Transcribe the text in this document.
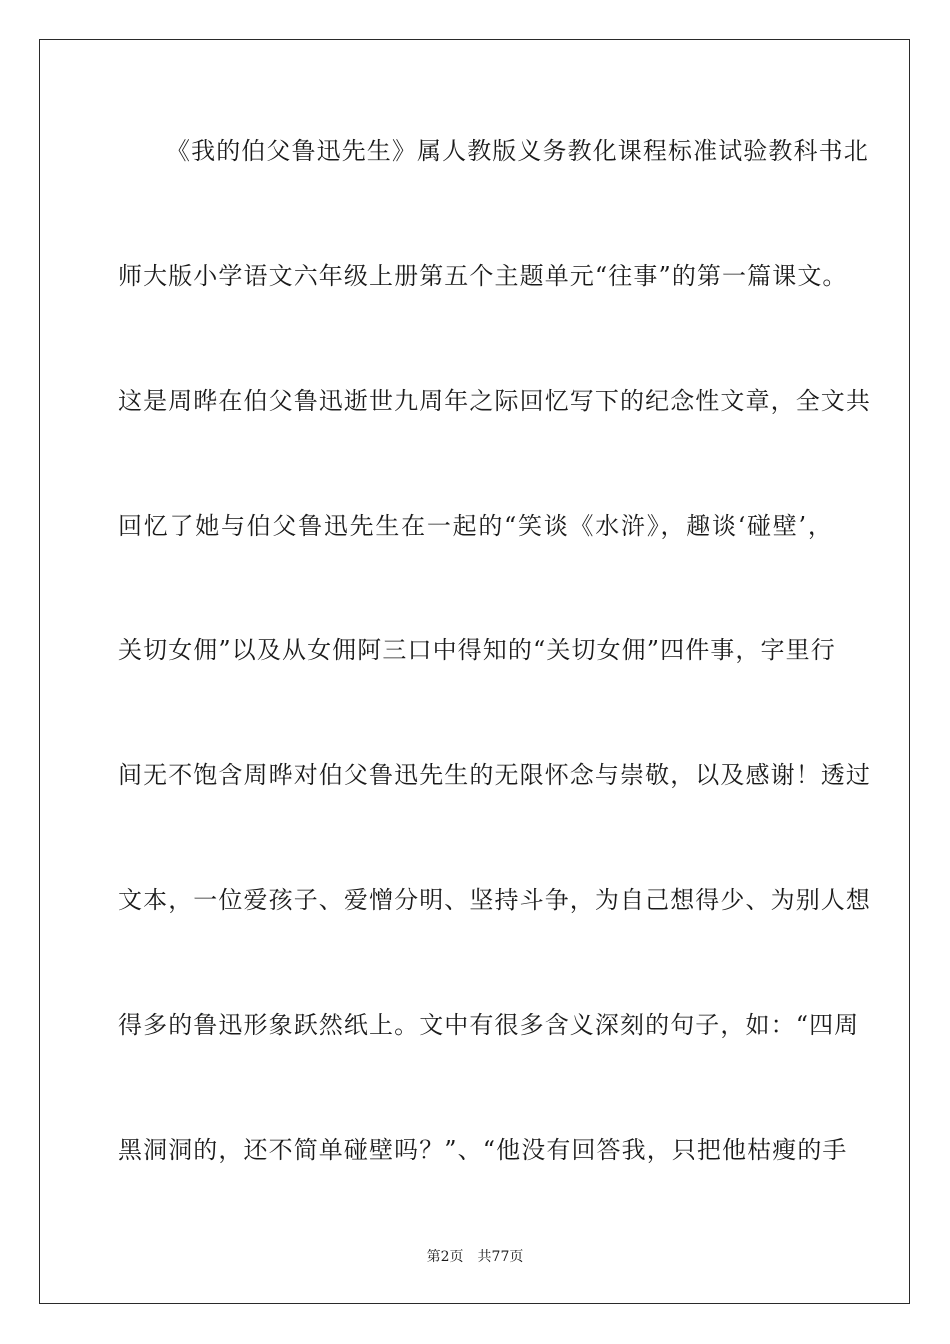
《我的伯父鲁迅先生》属人教版义务教化课程标准试验教科书北
师大版小学语文六年级上册第五个主题单元“往事”的第一篇课文。
这是周晔在伯父鲁迅逝世九周年之际回忆写下的纪念性文章，全文共
回忆了她与伯父鲁迅先生在一起的“笑谈《水浒》，趣谈‘碰壁’，
关切女佣”以及从女佣阿三口中得知的“关切女佣”四件事，字里行
间无不饱含周晔对伯父鲁迅先生的无限怀念与崇敬，以及感谢！透过
文本，一位爱孩子、爱憎分明、坚持斗争，为自己想得少、为别人想
得多的鲁迅形象跃然纸上。文中有很多含义深刻的句子，如：“四周
黑洞洞的，还不简单碰壁吗？”、“他没有回答我，只把他枯瘦的手
第2页 共77页
